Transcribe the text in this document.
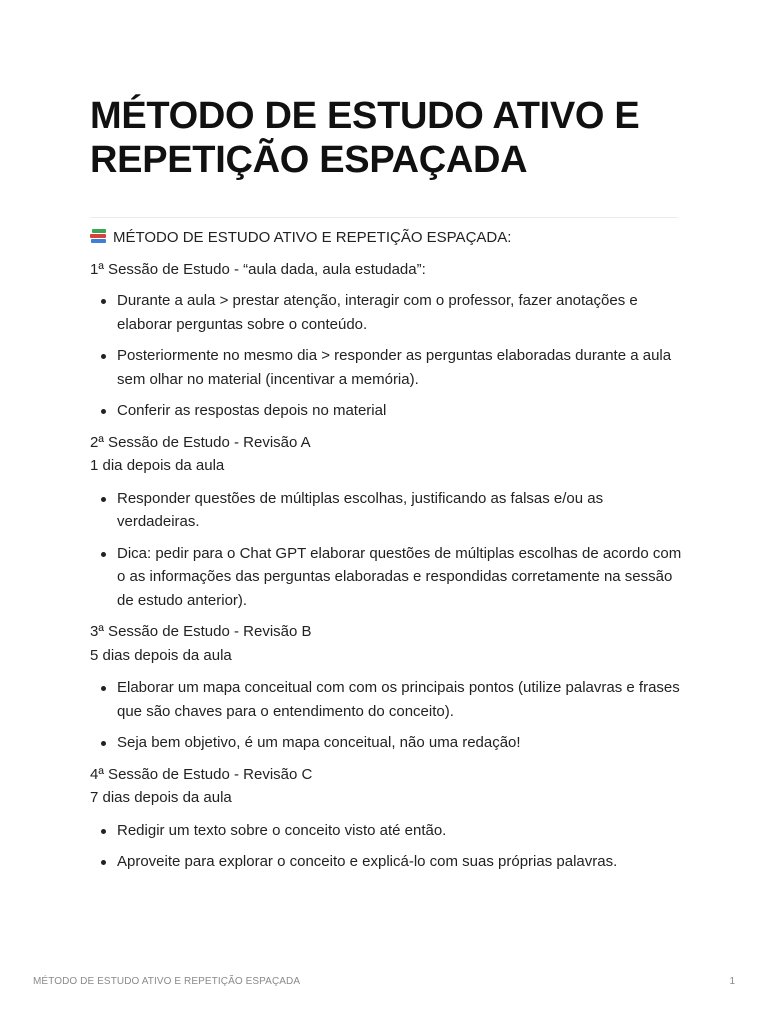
MÉTODO DE ESTUDO ATIVO E REPETIÇÃO ESPAÇADA

MÉTODO DE ESTUDO ATIVO E REPETIÇÃO ESPAÇADA:

1ª Sessão de Estudo - “aula dada, aula estudada”:

Durante a aula > prestar atenção, interagir com o professor, fazer anotações e elaborar perguntas sobre o conteúdo.
Posteriormente no mesmo dia > responder as perguntas elaboradas durante a aula sem olhar no material (incentivar a memória).
Conferir as respostas depois no material
2ª Sessão de Estudo - Revisão A
1 dia depois da aula
Responder questões de múltiplas escolhas, justificando as falsas e/ou as verdadeiras.
Dica: pedir para o Chat GPT elaborar questões de múltiplas escolhas de acordo com o as informações das perguntas elaboradas e respondidas corretamente na sessão de estudo anterior).
3ª Sessão de Estudo - Revisão B
5 dias depois da aula
Elaborar um mapa conceitual com com os principais pontos (utilize palavras e frases que são chaves para o entendimento do conceito).
Seja bem objetivo, é um mapa conceitual, não uma redação!
4ª Sessão de Estudo - Revisão C
7 dias depois da aula
Redigir um texto sobre o conceito visto até então.
Aproveite para explorar o conceito e explicá-lo com suas próprias palavras.
MÉTODO DE ESTUDO ATIVO E REPETIÇÃO ESPAÇADA	1
